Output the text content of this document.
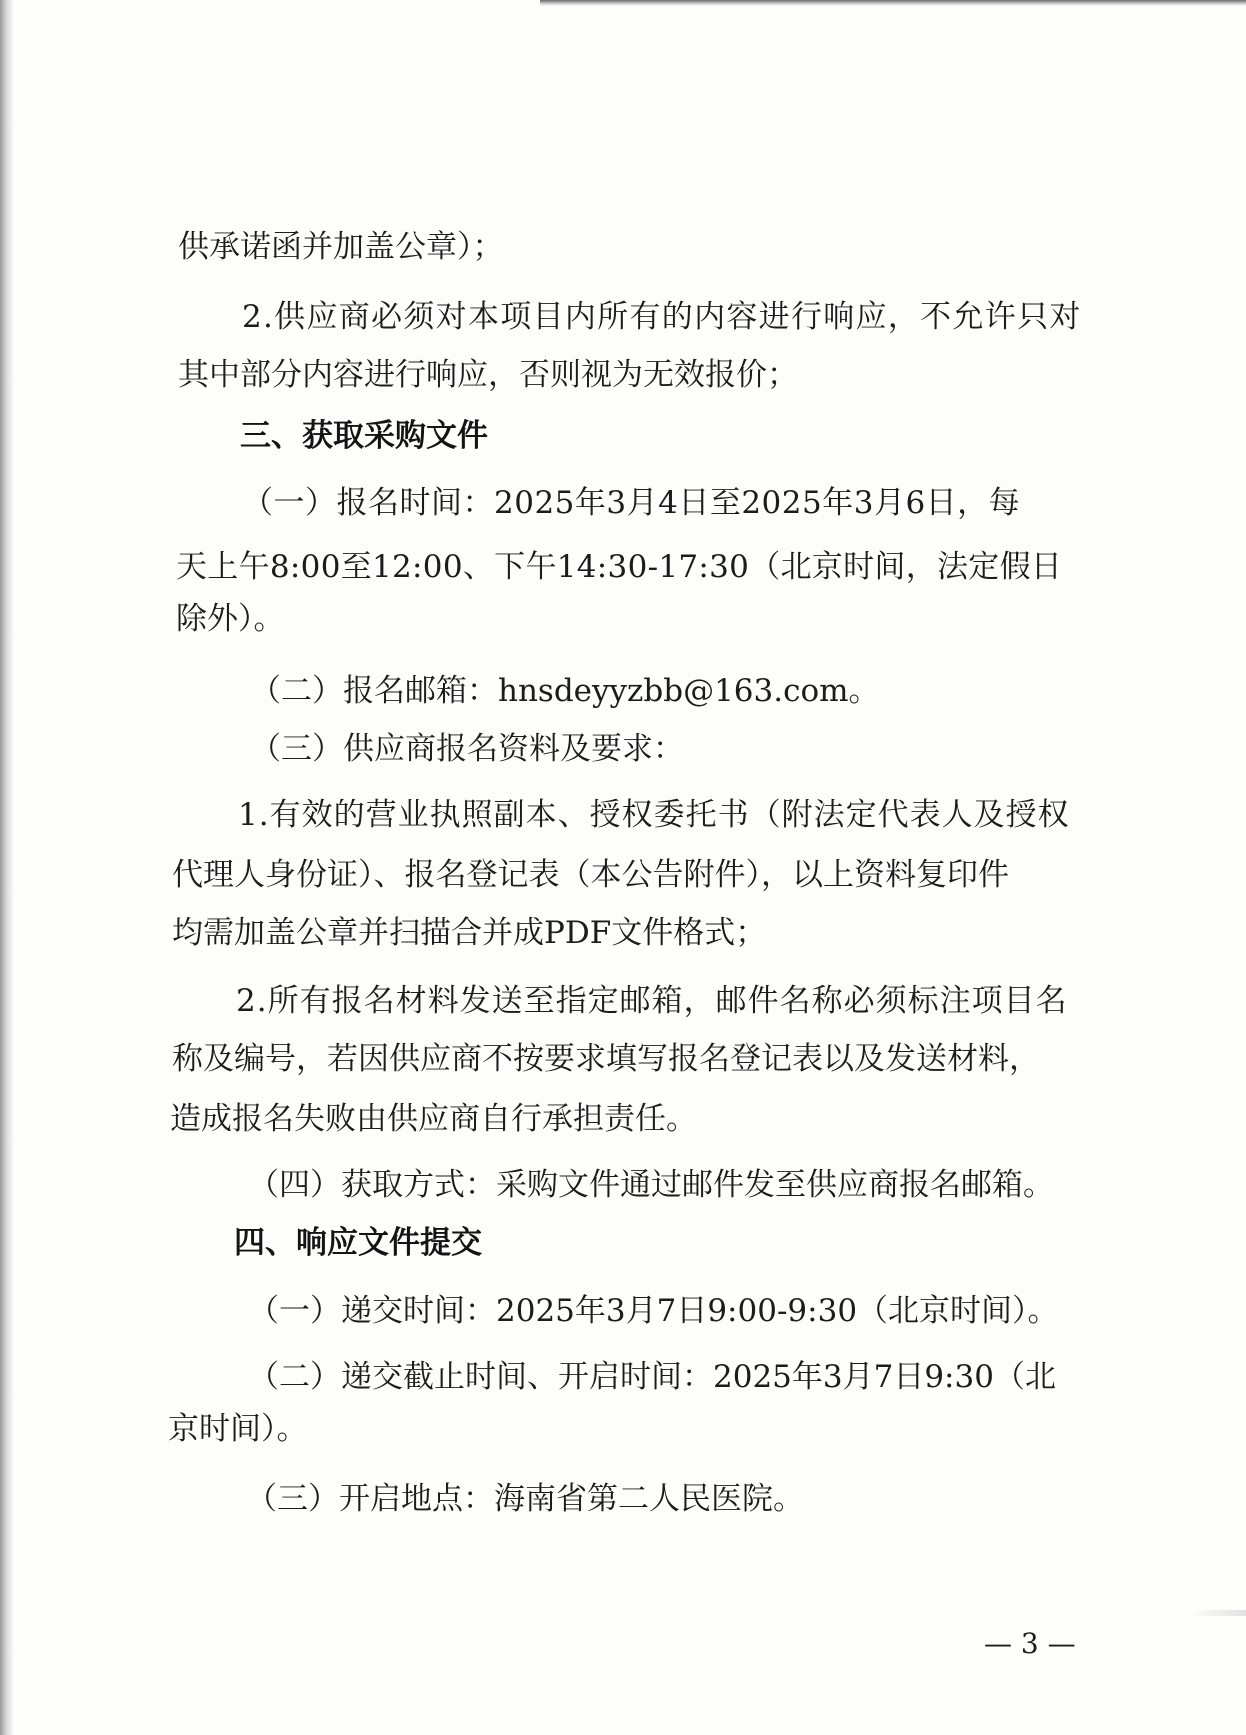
供承诺函并加盖公章）；
2.供应商必须对本项目内所有的内容进行响应，不允许只对
其中部分内容进行响应，否则视为无效报价；
三、获取采购文件
（一）报名时间：2025年3月4日至2025年3月6日，每
天上午8:00至12:00、下午14:30-17:30（北京时间，法定假日
除外）。
（二）报名邮箱：hnsdeyyzbb@163.com。
（三）供应商报名资料及要求：
1.有效的营业执照副本、授权委托书（附法定代表人及授权
代理人身份证）、报名登记表（本公告附件），以上资料复印件
均需加盖公章并扫描合并成PDF文件格式；
2.所有报名材料发送至指定邮箱，邮件名称必须标注项目名
称及编号，若因供应商不按要求填写报名登记表以及发送材料，
造成报名失败由供应商自行承担责任。
（四）获取方式：采购文件通过邮件发至供应商报名邮箱。
四、响应文件提交
（一）递交时间：2025年3月7日9:00-9:30（北京时间）。
（二）递交截止时间、开启时间：2025年3月7日9:30（北
京时间）。
（三）开启地点：海南省第二人民医院。
— 3 —
